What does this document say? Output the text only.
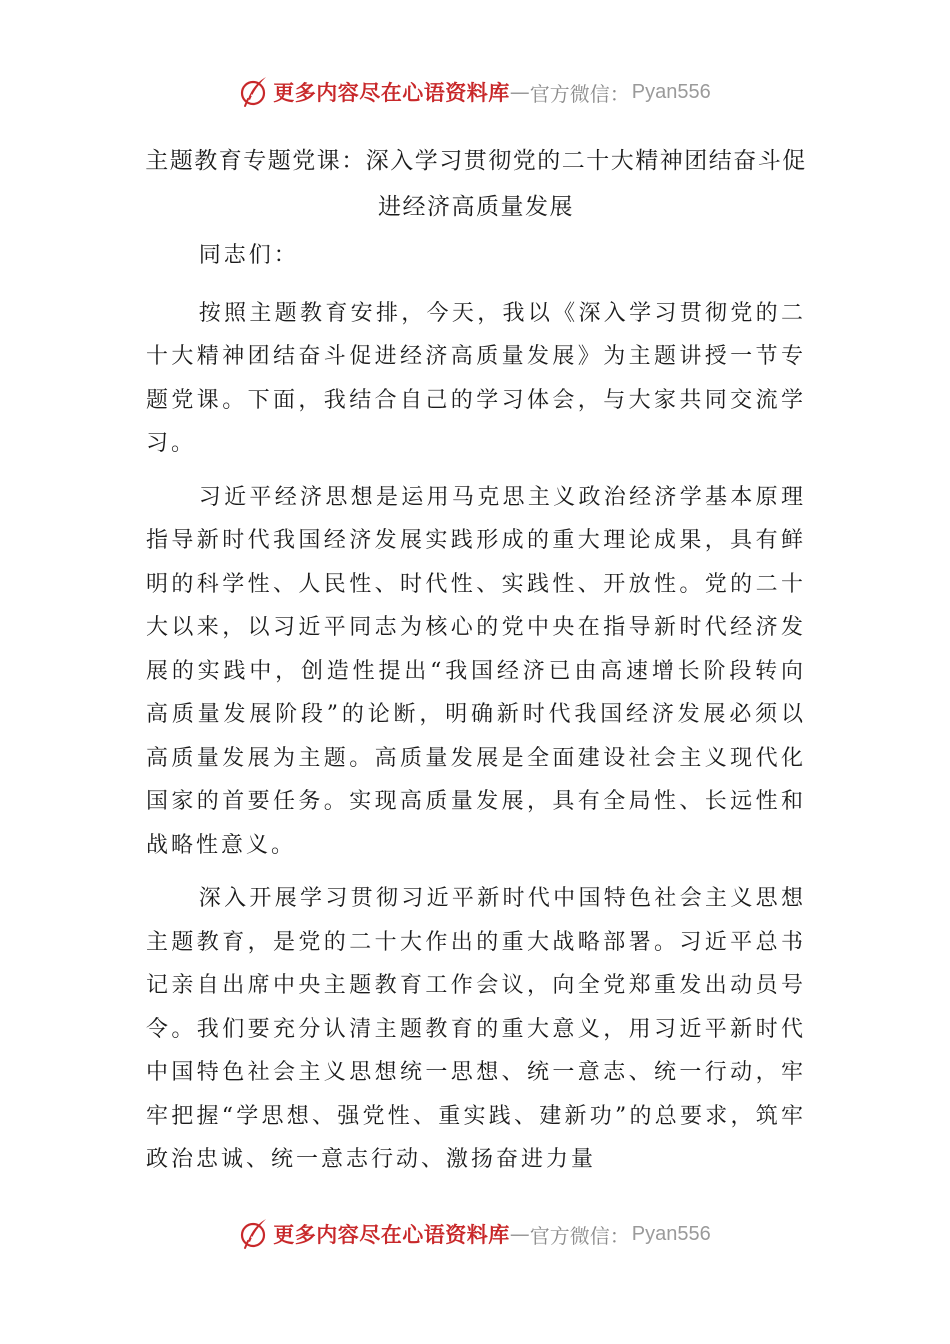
更多内容尽在心语资料库 — 官方微信： Pyan556
主题教育专题党课：深入学习贯彻党的二十大精神团结奋斗促进经济高质量发展

同志们：

按照主题教育安排，今天，我以《深入学习贯彻党的二十大精神团结奋斗促进经济高质量发展》为主题讲授一节专题党课。下面，我结合自己的学习体会，与大家共同交流学习。

习近平经济思想是运用马克思主义政治经济学基本原理指导新时代我国经济发展实践形成的重大理论成果，具有鲜明的科学性、人民性、时代性、实践性、开放性。党的二十大以来，以习近平同志为核心的党中央在指导新时代经济发展的实践中，创造性提出“我国经济已由高速增长阶段转向高质量发展阶段”的论断，明确新时代我国经济发展必须以高质量发展为主题。高质量发展是全面建设社会主义现代化国家的首要任务。实现高质量发展，具有全局性、长远性和战略性意义。

深入开展学习贯彻习近平新时代中国特色社会主义思想主题教育，是党的二十大作出的重大战略部署。习近平总书记亲自出席中央主题教育工作会议，向全党郑重发出动员号令。我们要充分认清主题教育的重大意义，用习近平新时代中国特色社会主义思想统一思想、统一意志、统一行动，牢牢把握“学思想、强党性、重实践、建新功”的总要求，筑牢政治忠诚、统一意志行动、激扬奋进力量

更多内容尽在心语资料库 — 官方微信： Pyan556
